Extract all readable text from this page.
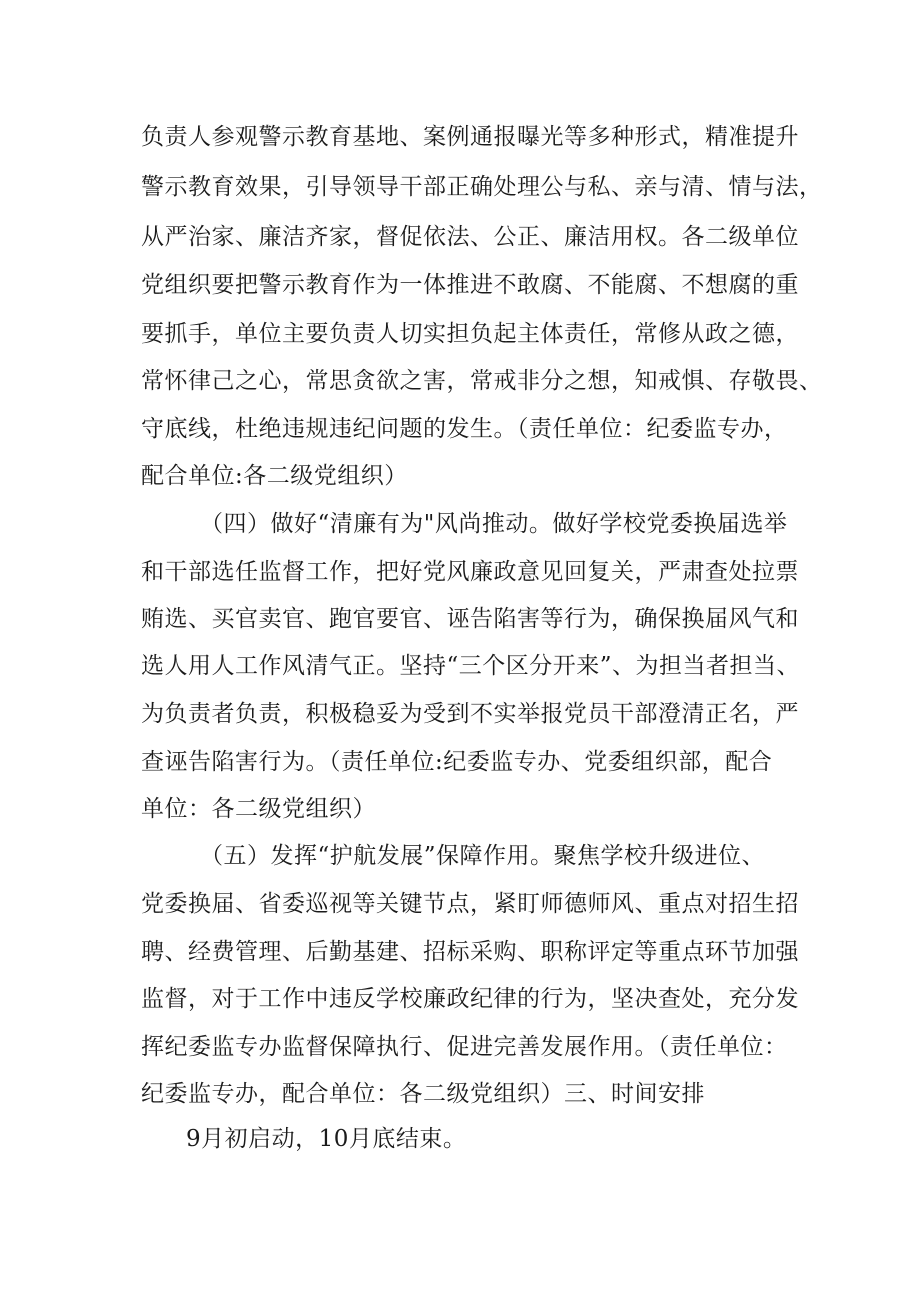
负责人参观警示教育基地、案例通报曝光等多种形式，精准提升
警示教育效果，引导领导干部正确处理公与私、亲与清、情与法，
从严治家、廉洁齐家，督促依法、公正、廉洁用权。各二级单位
党组织要把警示教育作为一体推进不敢腐、不能腐、不想腐的重
要抓手，单位主要负责人切实担负起主体责任，常修从政之德，
常怀律己之心，常思贪欲之害，常戒非分之想，知戒惧、存敬畏、
守底线，杜绝违规违纪问题的发生。（责任单位：纪委监专办，
配合单位:各二级党组织）
（四）做好“清廉有为"风尚推动。做好学校党委换届选举
和干部选任监督工作，把好党风廉政意见回复关，严肃查处拉票
贿选、买官卖官、跑官要官、诬告陷害等行为，确保换届风气和
选人用人工作风清气正。坚持“三个区分开来”、为担当者担当、
为负责者负责，积极稳妥为受到不实举报党员干部澄清正名，严
查诬告陷害行为。（责任单位:纪委监专办、党委组织部，配合
单位：各二级党组织）
（五）发挥“护航发展”保障作用。聚焦学校升级进位、
党委换届、省委巡视等关键节点，紧盯师德师风、重点对招生招
聘、经费管理、后勤基建、招标采购、职称评定等重点环节加强
监督，对于工作中违反学校廉政纪律的行为，坚决查处，充分发
挥纪委监专办监督保障执行、促进完善发展作用。（责任单位：
纪委监专办，配合单位：各二级党组织）三、时间安排
9月初启动，10月底结束。
